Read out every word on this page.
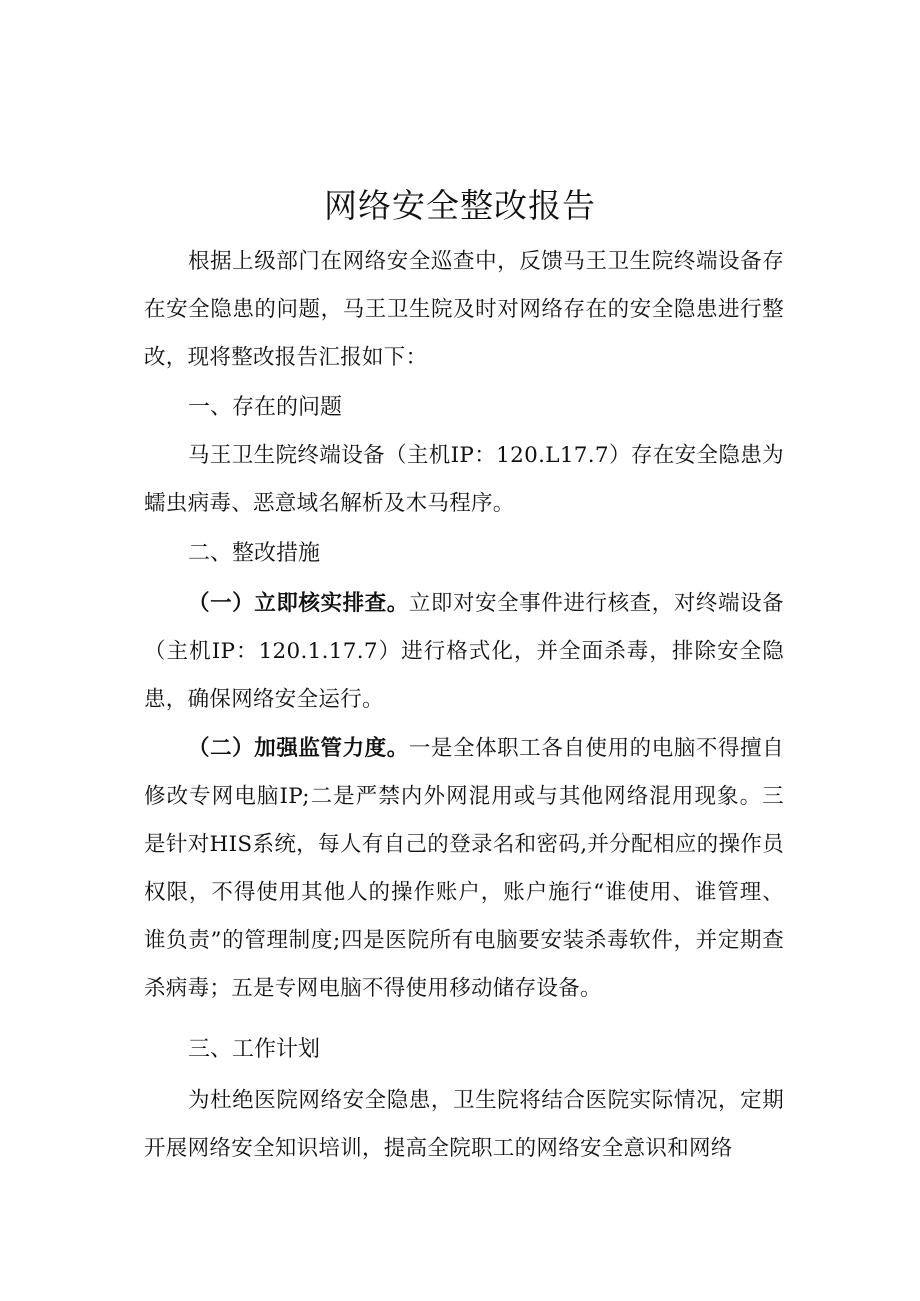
网络安全整改报告

根据上级部门在网络安全巡查中，反馈马王卫生院终端设备存在安全隐患的问题，马王卫生院及时对网络存在的安全隐患进行整改，现将整改报告汇报如下：

一、存在的问题

马王卫生院终端设备（主机IP：120.L17.7）存在安全隐患为蠕虫病毒、恶意域名解析及木马程序。

二、整改措施

（一）立即核实排查。立即对安全事件进行核查，对终端设备（主机IP：120.1.17.7）进行格式化，并全面杀毒，排除安全隐患，确保网络安全运行。

（二）加强监管力度。一是全体职工各自使用的电脑不得擅自修改专网电脑IP;二是严禁内外网混用或与其他网络混用现象。三是针对HIS系统，每人有自己的登录名和密码,并分配相应的操作员权限，不得使用其他人的操作账户，账户施行“谁使用、谁管理、谁负责”的管理制度;四是医院所有电脑要安装杀毒软件，并定期查杀病毒；五是专网电脑不得使用移动储存设备。

三、工作计划

为杜绝医院网络安全隐患，卫生院将结合医院实际情况，定期开展网络安全知识培训，提高全院职工的网络安全意识和网络
